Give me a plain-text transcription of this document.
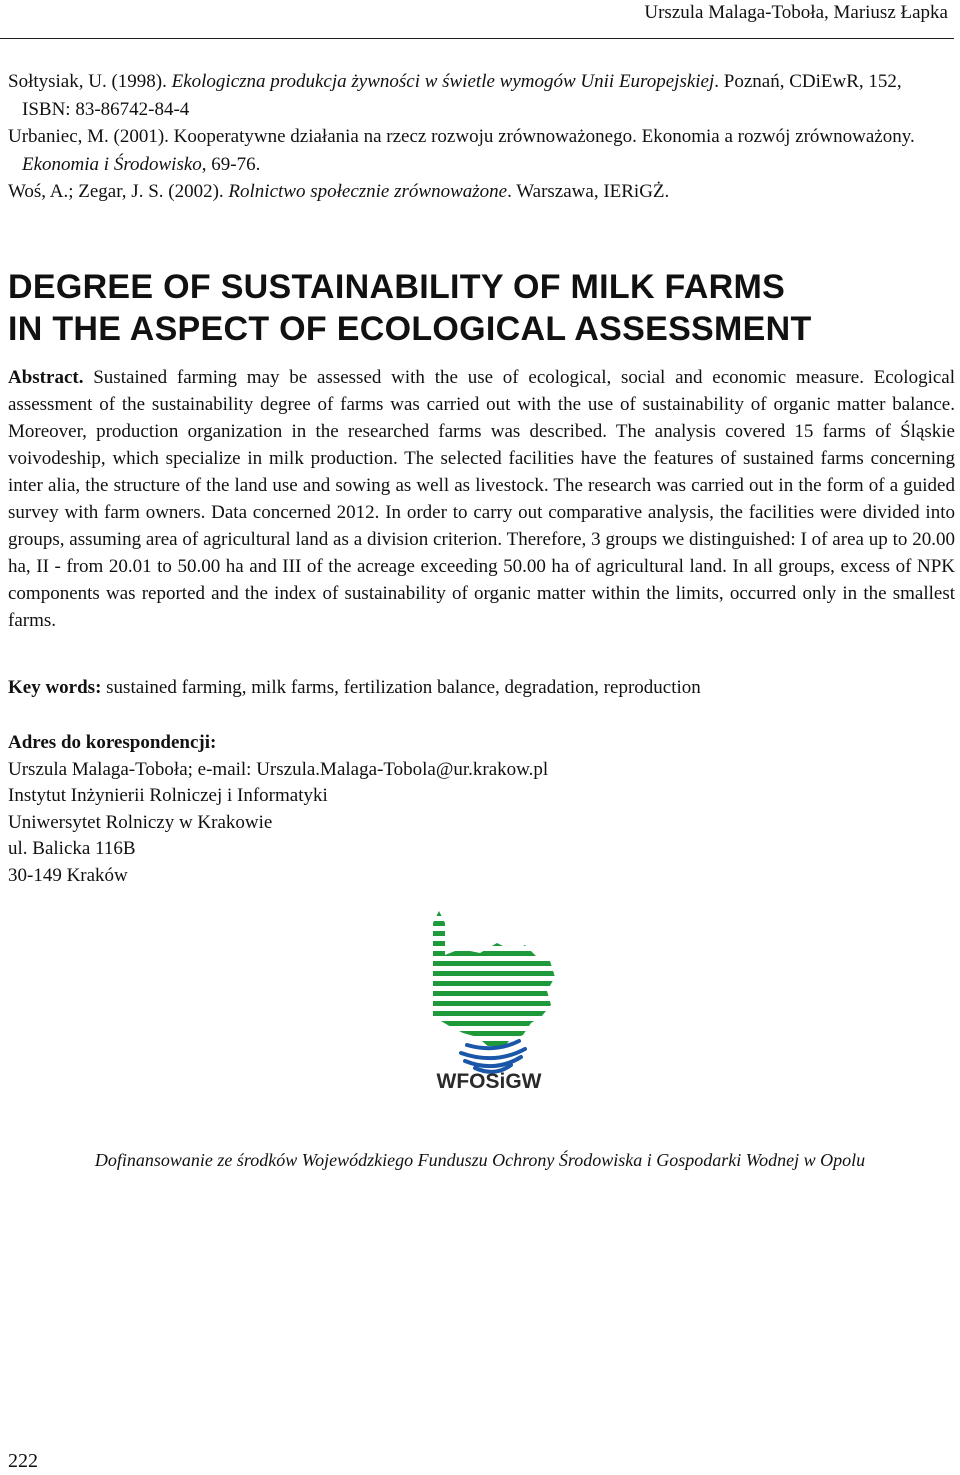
Urszula Malaga-Toboła, Mariusz Łapka
Sołtysiak, U. (1998). Ekologiczna produkcja żywności w świetle wymogów Unii Europejskiej. Poznań, CDiEwR, 152, ISBN: 83-86742-84-4
Urbaniec, M. (2001). Kooperatywne działania na rzecz rozwoju zrównoważonego. Ekonomia a rozwój zrównoważony. Ekonomia i Środowisko, 69-76.
Woś, A.; Zegar, J. S. (2002). Rolnictwo społecznie zrównoważone. Warszawa, IERiGŻ.
DEGREE OF SUSTAINABILITY OF MILK FARMS
IN THE ASPECT OF ECOLOGICAL ASSESSMENT
Abstract. Sustained farming may be assessed with the use of ecological, social and economic measure. Ecological assessment of the sustainability degree of farms was carried out with the use of sustainability of organic matter balance. Moreover, production organization in the researched farms was described. The analysis covered 15 farms of Śląskie voivodeship, which specialize in milk production. The selected facilities have the features of sustained farms concerning inter alia, the structure of the land use and sowing as well as livestock. The research was carried out in the form of a guided survey with farm owners. Data concerned 2012. In order to carry out comparative analysis, the facilities were divided into groups, assuming area of agricultural land as a division criterion. Therefore, 3 groups we distinguished: I of area up to 20.00 ha, II - from 20.01 to 50.00 ha and III of the acreage exceeding 50.00 ha of agricultural land. In all groups, excess of NPK components was reported and the index of sustainability of organic matter within the limits, occurred only in the smallest farms.
Key words: sustained farming, milk farms, fertilization balance, degradation, reproduction
Adres do korespondencji:
Urszula Malaga-Toboła; e-mail: Urszula.Malaga-Tobola@ur.krakow.pl
Instytut Inżynierii Rolniczej i Informatyki
Uniwersytet Rolniczy w Krakowie
ul. Balicka 116B
30-149 Kraków
WFOSiGW
Dofinansowanie ze środków Wojewódzkiego Funduszu Ochrony Środowiska i Gospodarki Wodnej w Opolu
222
